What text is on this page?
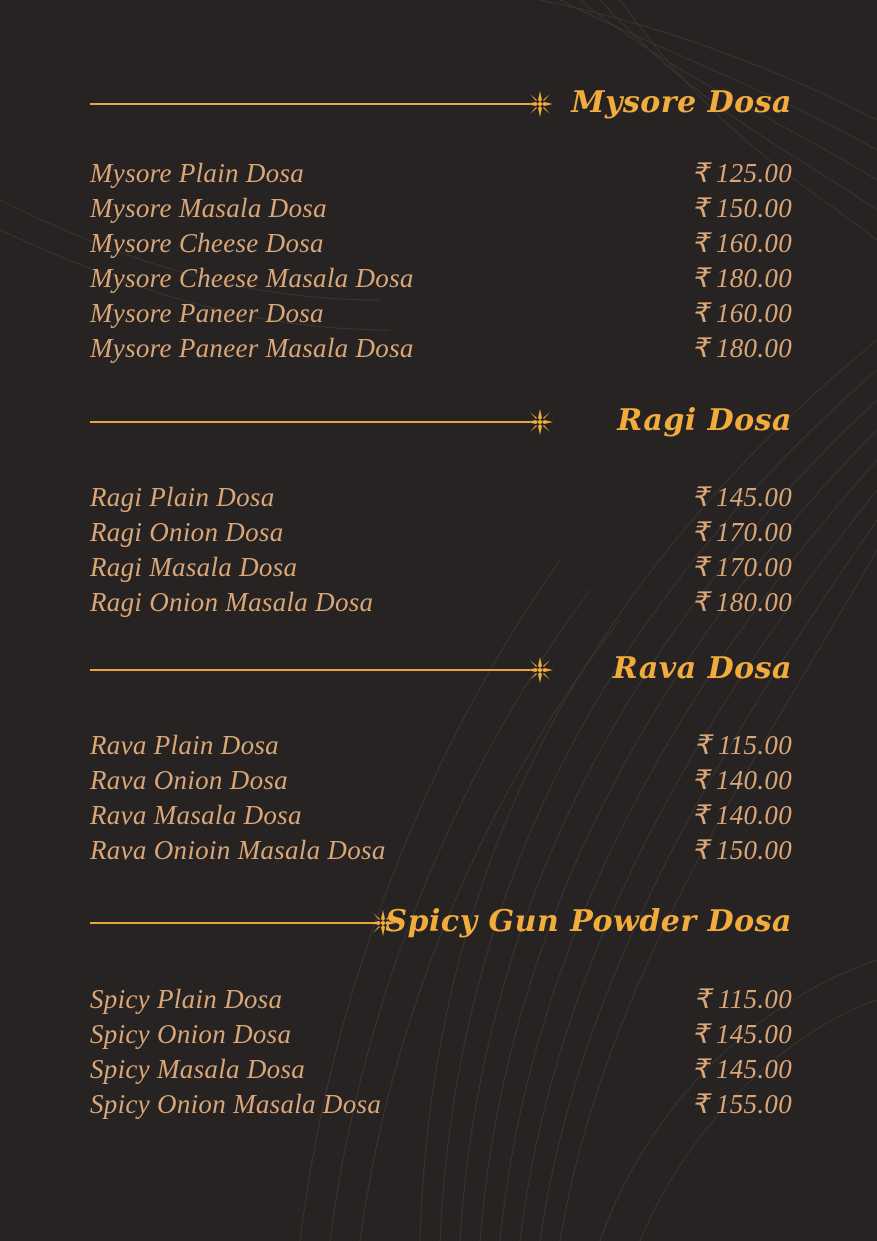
Mysore Dosa
Mysore Plain Dosa	₹ 125.00
Mysore Masala Dosa	₹ 150.00
Mysore Cheese Dosa	₹ 160.00
Mysore Cheese Masala Dosa	₹ 180.00
Mysore Paneer Dosa	₹ 160.00
Mysore Paneer Masala Dosa	₹ 180.00
Ragi Dosa
Ragi Plain Dosa	₹ 145.00
Ragi Onion Dosa	₹ 170.00
Ragi Masala Dosa	₹ 170.00
Ragi Onion Masala Dosa	₹ 180.00
Rava Dosa
Rava Plain Dosa	₹ 115.00
Rava Onion Dosa	₹ 140.00
Rava Masala Dosa	₹ 140.00
Rava Onioin Masala Dosa	₹ 150.00
Spicy Gun Powder Dosa
Spicy Plain Dosa	₹ 115.00
Spicy Onion Dosa	₹ 145.00
Spicy Masala Dosa	₹ 145.00
Spicy Onion Masala Dosa	₹ 155.00
